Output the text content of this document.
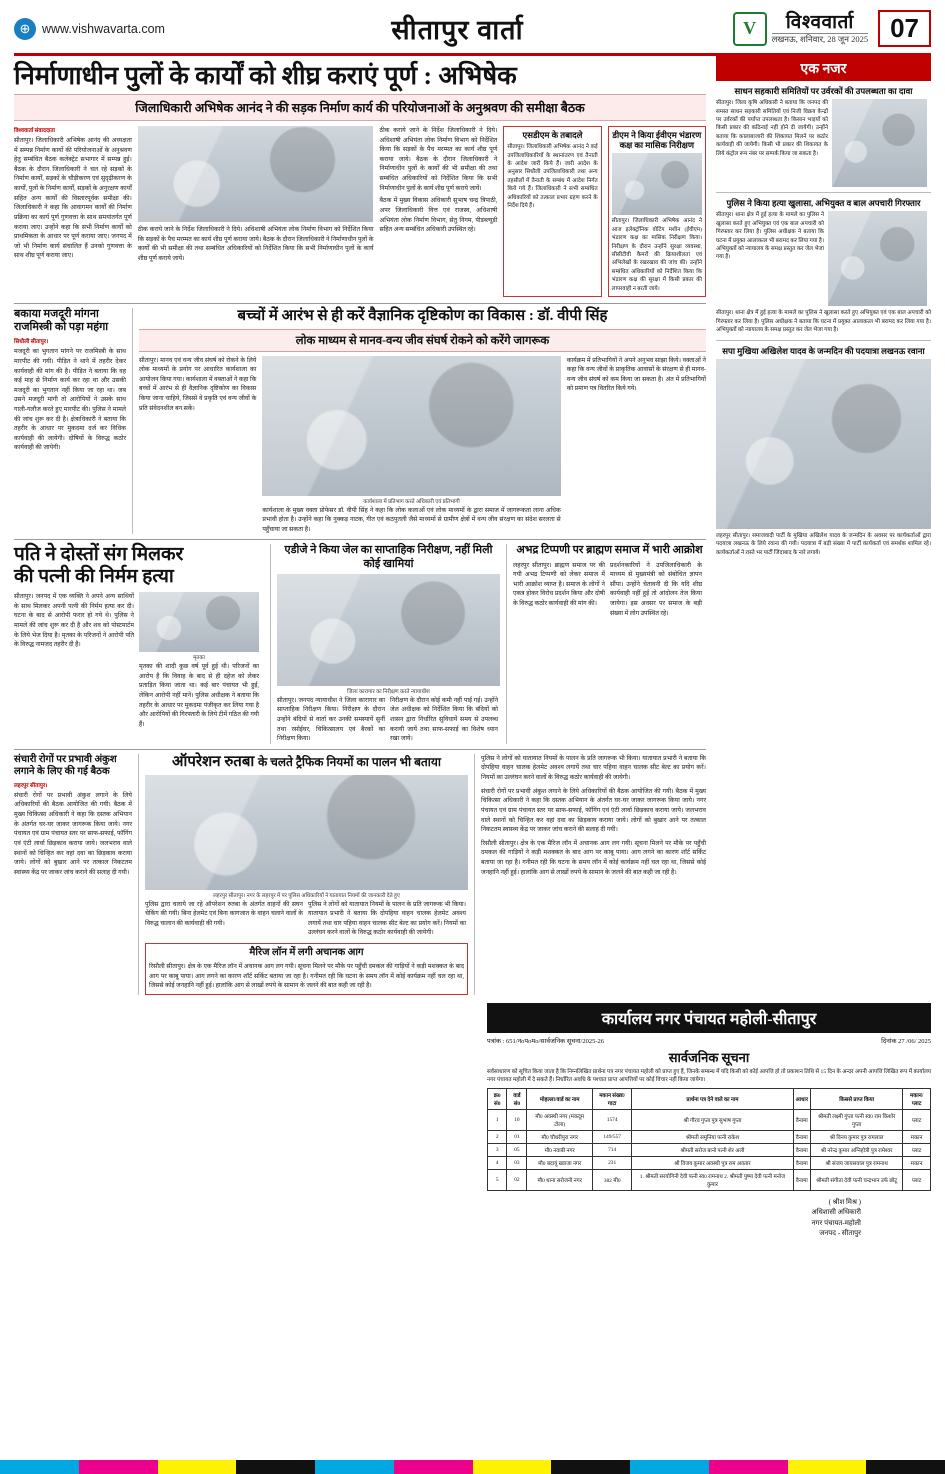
⊕ www.vishwavarta.com	सीतापुर वार्ता	V	विश्ववार्ता
लखनऊ, शनिवार, 28 जून 2025 07
एक नजर
साधन सहकारी समितियों पर उर्वरकों की उपलब्धता का दावा
सीतापुर। जिला कृषि अधिकारी ने बताया कि जनपद की समस्त साधन सहकारी समितियों एवं निजी विक्रय केन्द्रों पर उर्वरकों की पर्याप्त उपलब्धता है। किसान भाइयों को किसी प्रकार की कठिनाई नहीं होने दी जायेगी। उन्होंने बताया कि कालाबाजारी की शिकायत मिलने पर कठोर कार्यवाही की जायेगी। किसी भी प्रकार की शिकायत के लिये कंट्रोल रूम नंबर पर सम्पर्क किया जा सकता है।
पुलिस ने किया हत्या खुलासा, अभियुक्त व बाल अपचारी गिरफ्तार
सीतापुर। थाना क्षेत्र में हुई हत्या के मामले का पुलिस ने खुलासा करते हुए अभियुक्त एवं एक बाल अपचारी को गिरफ्तार कर लिया है। पुलिस अधीक्षक ने बताया कि घटना में प्रयुक्त आलाकत्ल भी बरामद कर लिया गया है। अभियुक्तों को न्यायालय के समक्ष प्रस्तुत कर जेल भेजा गया है।
सीतापुर। थाना क्षेत्र में हुई हत्या के मामले का पुलिस ने खुलासा करते हुए अभियुक्त एवं एक बाल अपचारी को गिरफ्तार कर लिया है। पुलिस अधीक्षक ने बताया कि घटना में प्रयुक्त आलाकत्ल भी बरामद कर लिया गया है। अभियुक्तों को न्यायालय के समक्ष प्रस्तुत कर जेल भेजा गया है।
सपा मुखिया अखिलेश यादव के जन्मदिन की पदयात्रा लखनऊ रवाना
लहरपुर सीतापुर। समाजवादी पार्टी के मुखिया अखिलेश यादव के जन्मदिन के अवसर पर कार्यकर्ताओं द्वारा पदयात्रा लखनऊ के लिये रवाना की गयी। पदयात्रा में बड़ी संख्या में पार्टी कार्यकर्ता एवं समर्थक शामिल रहे। कार्यकर्ताओं ने रास्ते भर पार्टी जिंदाबाद के नारे लगाये।
निर्माणाधीन पुलों के कार्यों को शीघ्र कराएं पूर्ण : अभिषेक
जिलाधिकारी अभिषेक आनंद ने की सड़क निर्माण कार्य की परियोजनाओं के अनुश्रवण की समीक्षा बैठक
विश्ववार्ता संवाददाता
सीतापुर। जिलाधिकारी अभिषेक आनंद की अध्यक्षता में सम्पन्न निर्माण कार्यो की परियोजनाओं के अनुश्रवण हेतु सम्बंधित बैठक कलेक्ट्रेट सभागार में सम्पन्न हुई। बैठक के दौरान जिलाधिकारी ने चल रहे सड़कों के निर्माण कार्यों, सड़कों के चौड़ीकरण एवं सुदृढ़ीकरण के कार्यों, पुलों के निर्माण कार्यों, सड़कों के अनुरक्षण कार्यों सहित अन्य कार्यों की विस्तारपूर्वक समीक्षा की। जिलाधिकारी ने कहा कि आवागमन कार्यों की निर्माण प्रक्रिया का कार्य पूर्ण गुणवत्ता के साथ समयांतर्गत पूर्ण कराया जाए। उन्होंने कहा कि सभी निर्माण कार्यों को प्राथमिकता के आधार पर पूर्ण कराया जाए। जनपद में जो भी निर्माण कार्य संचालित हैं उनको गुणवत्ता के साथ शीघ्र पूर्ण कराया जाए।
ठीक कराये जाने के निर्देश जिलाधिकारी ने दिये। अधिशाषी अभियंता लोक निर्माण विभाग को निर्देशित किया कि सड़कों के पैच मरम्मत का कार्य शीघ्र पूर्ण कराया जाये। बैठक के दौरान जिलाधिकारी ने निर्माणाधीन पुलों के कार्यों की भी समीक्षा की तथा सम्बंधित अधिकारियों को निर्देशित किया कि सभी निर्माणाधीन पुलों के कार्य शीघ्र पूर्ण कराये जायें।
ठीक कराये जाने के निर्देश जिलाधिकारी ने दिये। अधिशाषी अभियंता लोक निर्माण विभाग को निर्देशित किया कि सड़कों के पैच मरम्मत का कार्य शीघ्र पूर्ण कराया जाये। बैठक के दौरान जिलाधिकारी ने निर्माणाधीन पुलों के कार्यों की भी समीक्षा की तथा सम्बंधित अधिकारियों को निर्देशित किया कि सभी निर्माणाधीन पुलों के कार्य शीघ्र पूर्ण कराये जायें।
बैठक में मुख्य विकास अधिकारी सुभाष चन्द्र त्रिपाठी, अपर जिलाधिकारी वित्त एवं राजस्व, अधिशाषी अभियंता लोक निर्माण विभाग, सेतु निगम, पीडब्ल्यूडी सहित अन्य सम्बंधित अधिकारी उपस्थित रहे।
एसडीएम के तबादले
सीतापुर। जिलाधिकारी अभिषेक आनंद ने कई उपजिलाधिकारियों के स्थानांतरण एवं तैनाती के आदेश जारी किये हैं। जारी आदेश के अनुसार सिधौली उपजिलाधिकारी तथा अन्य तहसीलों में तैनाती के सम्बंध में आदेश निर्गत किये गये हैं। जिलाधिकारी ने सभी सम्बंधित अधिकारियों को तत्काल प्रभार ग्रहण करने के निर्देश दिये हैं।
डीएम ने किया ईवीएम भंडारण कक्ष का मासिक निरीक्षण
सीतापुर। जिलाधिकारी अभिषेक आनंद ने आज इलेक्ट्रॉनिक वोटिंग मशीन (ईवीएम) भंडारण कक्ष का मासिक निरीक्षण किया। निरीक्षण के दौरान उन्होंने सुरक्षा व्यवस्था, सीसीटीवी कैमरों की क्रियाशीलता एवं अभिलेखों के रखरखाव की जांच की। उन्होंने सम्बंधित अधिकारियों को निर्देशित किया कि भंडारण कक्ष की सुरक्षा में किसी प्रकार की लापरवाही न बरती जाये।
बकाया मजदूरी मांगना
राजमिस्त्री को पड़ा महंगा
सिधौली सीतापुर।
मजदूरी का भुगतान मांगने पर राजमिस्त्री के साथ मारपीट की गयी। पीड़ित ने थाने में तहरीर देकर कार्यवाही की मांग की है। पीड़ित ने बताया कि वह कई माह से निर्माण कार्य कर रहा था और उसकी मजदूरी का भुगतान नहीं किया जा रहा था। जब उसने मजदूरी मांगी तो आरोपियों ने उसके साथ गाली-गलौज करते हुए मारपीट की। पुलिस ने मामले की जांच शुरू कर दी है। क्षेत्राधिकारी ने बताया कि तहरीर के आधार पर मुकदमा दर्ज कर विधिक कार्यवाही की जायेगी। दोषियों के विरुद्ध कठोर कार्यवाही की जायेगी।
बच्चों में आरंभ से ही करें वैज्ञानिक दृष्टिकोण का विकास : डॉ. वीपी सिंह
लोक माध्यम से मानव-वन्य जीव संघर्ष रोकने को करेंगे जागरूक
सीतापुर। मानव एवं वन्य जीव संघर्ष को रोकने के लिये लोक माध्यमों के प्रयोग पर आधारित कार्यशाला का आयोजन किया गया। कार्यशाला में वक्ताओं ने कहा कि बच्चों में आरंभ से ही वैज्ञानिक दृष्टिकोण का विकास किया जाना चाहिये, जिससे वे प्रकृति एवं वन्य जीवों के प्रति संवेदनशील बन सकें।
कार्यशाला में प्रतिभाग करते अधिकारी एवं प्रतिभागी
कार्यशाला के मुख्य वक्ता प्रोफेसर डॉ. वीपी सिंह ने कहा कि लोक कलाओं एवं लोक माध्यमों के द्वारा समाज में जागरूकता लाना अधिक प्रभावी होता है। उन्होंने कहा कि नुक्कड़ नाटक, गीत एवं कठपुतली जैसे माध्यमों से ग्रामीण क्षेत्रों में वन्य जीव संरक्षण का संदेश सरलता से पहुँचाया जा सकता है।
कार्यक्रम में प्रतिभागियों ने अपने अनुभव साझा किये। वक्ताओं ने कहा कि वन्य जीवों के प्राकृतिक आवासों के संरक्षण से ही मानव-वन्य जीव संघर्ष को कम किया जा सकता है। अंत में प्रतिभागियों को प्रमाण पत्र वितरित किये गये।
पति ने दोस्तों संग मिलकर
की पत्नी की निर्मम हत्या
सीतापुर। जनपद में एक व्यक्ति ने अपने अन्य साथियों के साथ मिलकर अपनी पत्नी की निर्मम हत्या कर दी। घटना के बाद से आरोपी फरार हो गये थे। पुलिस ने मामले की जांच शुरू कर दी है और शव को पोस्टमार्टम के लिये भेज दिया है। मृतका के परिजनों ने आरोपी पति के विरुद्ध नामजद तहरीर दी है।
मृतका
मृतका की शादी कुछ वर्ष पूर्व हुई थी। परिजनों का आरोप है कि विवाह के बाद से ही दहेज को लेकर प्रताड़ित किया जाता था। कई बार पंचायत भी हुई, लेकिन आरोपी नहीं माने। पुलिस अधीक्षक ने बताया कि तहरीर के आधार पर मुकदमा पंजीकृत कर लिया गया है और आरोपियों की गिरफ्तारी के लिये टीमें गठित की गयी हैं।
एडीजे ने किया जेल का साप्ताहिक निरीक्षण, नहीं मिली कोई खामियां
जिला कारागार का निरीक्षण करते न्यायाधीश
सीतापुर। जनपद न्यायाधीश ने जिला कारागार का साप्ताहिक निरीक्षण किया। निरीक्षण के दौरान उन्होंने बंदियों से वार्ता कर उनकी समस्यायें सुनीं तथा रसोईघर, चिकित्सालय एवं बैरकों का निरीक्षण किया।
निरीक्षण के दौरान कोई कमी नहीं पाई गई। उन्होंने जेल अधीक्षक को निर्देशित किया कि बंदियों को शासन द्वारा निर्धारित सुविधायें समय से उपलब्ध करायी जायें तथा साफ-सफाई का विशेष ध्यान रखा जाये।
अभद्र टिप्पणी पर ब्राह्मण समाज में भारी आक्रोश
लहरपुर सीतापुर। ब्राह्मण समाज पर की गयी अभद्र टिप्पणी को लेकर समाज में भारी आक्रोश व्याप्त है। समाज के लोगों ने एकत्र होकर विरोध प्रदर्शन किया और दोषी के विरुद्ध कठोर कार्यवाही की मांग की।
प्रदर्शनकारियों ने उपजिलाधिकारी के माध्यम से मुख्यमंत्री को संबोधित ज्ञापन सौंपा। उन्होंने चेतावनी दी कि यदि शीघ्र कार्यवाही नहीं हुई तो आंदोलन तेज किया जायेगा। इस अवसर पर समाज के बड़ी संख्या में लोग उपस्थित रहे।
संचारी रोगों पर प्रभावी अंकुश
लगाने के लिए की गई बैठक
लहरपुर सीतापुर।
संचारी रोगों पर प्रभावी अंकुश लगाने के लिये अधिकारियों की बैठक आयोजित की गयी। बैठक में मुख्य चिकित्सा अधिकारी ने कहा कि दस्तक अभियान के अंतर्गत घर-घर जाकर जागरूक किया जाये। नगर पंचायत एवं ग्राम पंचायत स्तर पर साफ-सफाई, फॉगिंग एवं एंटी लार्वा छिड़काव कराया जाये। जलभराव वाले स्थानों को चिन्हित कर वहां दवा का छिड़काव कराया जाये। लोगों को बुखार आने पर तत्काल निकटतम स्वास्थ्य केंद्र पर जाकर जांच कराने की सलाह दी गयी।
ऑपरेशन रुतबा के चलते ट्रैफिक नियमों का पालन भी बताया
लहरपुर सीतापुर। नगर के लहरपुर में पर पुलिस अधिकारियों ने यातायात नियमों की जानकारी देते हुए
पुलिस द्वारा चलाये जा रहे ऑपरेशन रुतबा के अंतर्गत वाहनों की सघन चेकिंग की गयी। बिना हेलमेट एवं बिना कागजात के वाहन चलाने वालों के विरुद्ध चालान की कार्यवाही की गयी।
पुलिस ने लोगों को यातायात नियमों के पालन के प्रति जागरूक भी किया। यातायात प्रभारी ने बताया कि दोपहिया वाहन चालक हेलमेट अवश्य लगायें तथा चार पहिया वाहन चालक सीट बेल्ट का प्रयोग करें। नियमों का उल्लंघन करने वालों के विरुद्ध कठोर कार्यवाही की जायेगी।
मैरिज लॉन में लगी अचानक आग
रिसौली सीतापुर। क्षेत्र के एक मैरिज लॉन में अचानक आग लग गयी। सूचना मिलने पर मौके पर पहुँची दमकल की गाड़ियों ने कड़ी मशक्कत के बाद आग पर काबू पाया। आग लगने का कारण शॉर्ट सर्किट बताया जा रहा है। गनीमत रही कि घटना के समय लॉन में कोई कार्यक्रम नहीं चल रहा था, जिससे कोई जनहानि नहीं हुई। हालांकि आग से लाखों रुपये के सामान के जलने की बात कही जा रही है।
पुलिस ने लोगों को यातायात नियमों के पालन के प्रति जागरूक भी किया। यातायात प्रभारी ने बताया कि दोपहिया वाहन चालक हेलमेट अवश्य लगायें तथा चार पहिया वाहन चालक सीट बेल्ट का प्रयोग करें। नियमों का उल्लंघन करने वालों के विरुद्ध कठोर कार्यवाही की जायेगी।
संचारी रोगों पर प्रभावी अंकुश लगाने के लिये अधिकारियों की बैठक आयोजित की गयी। बैठक में मुख्य चिकित्सा अधिकारी ने कहा कि दस्तक अभियान के अंतर्गत घर-घर जाकर जागरूक किया जाये। नगर पंचायत एवं ग्राम पंचायत स्तर पर साफ-सफाई, फॉगिंग एवं एंटी लार्वा छिड़काव कराया जाये। जलभराव वाले स्थानों को चिन्हित कर वहां दवा का छिड़काव कराया जाये। लोगों को बुखार आने पर तत्काल निकटतम स्वास्थ्य केंद्र पर जाकर जांच कराने की सलाह दी गयी।
रिसौली सीतापुर। क्षेत्र के एक मैरिज लॉन में अचानक आग लग गयी। सूचना मिलने पर मौके पर पहुँची दमकल की गाड़ियों ने कड़ी मशक्कत के बाद आग पर काबू पाया। आग लगने का कारण शॉर्ट सर्किट बताया जा रहा है। गनीमत रही कि घटना के समय लॉन में कोई कार्यक्रम नहीं चल रहा था, जिससे कोई जनहानि नहीं हुई। हालांकि आग से लाखों रुपये के सामान के जलने की बात कही जा रही है।
कार्यालय नगर पंचायत महोली-सीतापुर
पत्रांक : 651/नoपoमo/सार्वजनिक सूचना/2025-26	दिनांक 27 /06/ 2025
सार्वजनिक सूचना
सर्वसाधारण को सूचित किया जाता है कि निम्नलिखित प्रार्थना पत्र नगर पंचायत महोली को प्राप्त हुए हैं, जिनके सम्बन्ध में यदि किसी को कोई आपत्ति हो तो प्रकाशन तिथि से 15 दिन के अन्दर अपनी आपत्ति लिखित रूप में कार्यालय नगर पंचायत महोली में दे सकते हैं। निर्धारित अवधि के पश्चात प्राप्त आपत्तियों पर कोई विचार नहीं किया जायेगा।
क्र0 सं0	वार्ड सं0	मोहल्ला/वार्ड का नाम	मकान संख्या/गाटा	प्रार्थना पत्र देने वाले का नाम	आधार	किससे प्राप्त किया	मकान/प्लाट
1	10	मौ0 अवस्थी नगर (मकदूम टोला)	1574	श्री गौरव गुप्ता पुत्र सुभाष गुप्ता	वैनामा	श्रीमती लक्ष्मी गुप्ता पत्नी स्व0 राम किशोर गुप्ता	प्लाट
2	01	मौ0 चौधरीपुरा नगर	149/557	श्रीमती समुनिया पत्नी राकेश	वैनामा	श्री विनय कुमार पुत्र रामलाल	मकान
3	05	मौ0 नवाबी नगर	714	श्रीमती सरोज बानो पत्नी शेर अली	वैनामा	श्री नरेन्द्र कुमार अग्निहोत्री पुत्र रामेश्वर	प्लाट
4	03	मौ0 बदायूं ख्वाजा नगर	231	श्री विजय कुमार अवस्थी पुत्र राम अवतार	वैनामा	श्री संजय जायसवाल पुत्र रामनाथ	मकान
5	02	मौ0 थाना सरोजनी नगर	382 मी0	1. श्रीमती सरयोगिनी देवी पत्नी स्व0 रामनाथ 2. श्रीमती पुष्पा देवी पत्नी मनोज कुमार	वैनामा	श्रीमती संगीता देवी पत्नी चन्द्रभान उर्फ छोटू	प्लाट
( श्रीश मिश्र )
अधिशासी अधिकारी
नगर पंचायत-महोली
जनपद - सीतापुर
